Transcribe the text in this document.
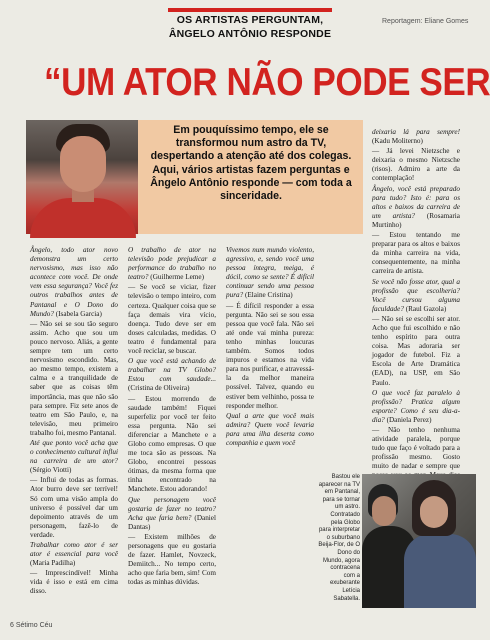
OS ARTISTAS PERGUNTAM,
ÂNGELO ANTÔNIO RESPONDE
Reportagem: Eliane Gomes
“UM ATOR NÃO PODE SER
Em pouquíssimo tempo, ele se transformou num astro da TV, despertando a atenção até dos colegas. Aqui, vários artistas fazem perguntas e Ângelo Antônio responde — com toda a sinceridade.

Ângelo, todo ator novo demonstra um certo nervosismo, mas isso não acontece com você. De onde vem essa segurança? Você fez outros trabalhos antes de Pantanal e O Dono do Mundo? (Isabela Garcia)

— Não sei se sou tão seguro assim. Acho que sou um pouco nervoso. Aliás, a gente sempre tem um certo nervosismo escondido. Mas, ao mesmo tempo, existem a calma e a tranquilidade de saber que as coisas têm importância, mas que não são para sempre. Fiz sete anos de teatro em São Paulo, e, na televisão, meu primeiro trabalho foi, mesmo Pantanal.

Até que ponto você acha que o conhecimento cultural influi na carreira de um ator? (Sérgio Viotti)

— Influi de todas as formas. Ator burro deve ser terrível! Só com uma visão ampla do universo é possível dar um depoimento através de um personagem, fazê-lo de verdade.

Trabalhar como ator é ser ator é essencial para você (Maria Padilha)

— Imprescindível! Minha vida é isso e está em cima disso.

O trabalho de ator na televisão pode prejudicar a performance do trabalho no teatro? (Guilherme Leme)

— Se você se viciar, fizer televisão o tempo inteiro, com certeza. Qualquer coisa que se faça demais vira vício, doença. Tudo deve ser em doses calculadas, medidas. O teatro é fundamental para você reciclar, se buscar.

O que você está achando de trabalhar na TV Globo? Estou com saudade... (Cristina de Oliveira)

— Estou morrendo de saudade também! Fiquei superfeliz por você ter feito essa pergunta. Não sei diferenciar a Manchete e a Globo como empresas. O que me toca são as pessoas. Na Globo, encontrei pessoas ótimas, da mesma forma que tinha encontrado na Manchete. Estou adorando!

Que personagem você gostaria de fazer no teatro? Acha que faria bem? (Daniel Dantas)

— Existem milhões de personagens que eu gostaria de fazer. Hamlet, Novzeck, Demiitch... No tempo certo, acho que faria bem, sim! Com todas as minhas dúvidas.

Vivemos num mundo violento, agressivo, e, sendo você uma pessoa íntegra, meiga, é dócil, como se sente? É difícil continuar sendo uma pessoa pura? (Elaine Cristina)

— É difícil responder a essa pergunta. Não sei se sou essa pessoa que você fala. Não sei até onde vai minha pureza: tenho minhas loucuras também. Somos todos impuros e estamos na vida para nos purificar, e atravessá-la da melhor maneira possível. Talvez, quando eu estiver bem velhinho, possa te responder melhor.

Qual a arte que você mais admira? Quem você levaria para uma ilha deserta como companhia e quem você

deixaria lá para sempre! (Kadu Moliterno)

— Já levei Nietzsche e deixaria o mesmo Nietzsche (risos). Admiro a arte da contemplação!

Ângelo, você está preparado para tudo? Isto é: para os altos e baixos da carreira de um artista? (Rosamaria Murtinho)

— Estou tentando me preparar para os altos e baixos da minha carreira na vida, consequentemente, na minha carreira de artista.

Se você não fosse ator, qual a profissão que escolheria? Você cursou alguma faculdade? (Raul Gazola)

— Não sei se escolhi ser ator. Acho que fui escolhido e não tenho espírito para outra coisa. Mas adoraria ser jogador de futebol. Fiz a Escola de Arte Dramática (EAD), na USP, em São Paulo.

O que você faz paralelo à profissão? Pratica algum esporte? Como é seu dia-a-dia? (Daniela Perez)

— Não tenho nenhuma atividade paralela, porque tudo que faço é voltado para a profissão mesmo. Gosto muito de nadar e sempre que

Bastou ele aparecer na TV em Pantanal, para se tornar um astro. Contratado pela Globo para interpretar o suburbano Beija-Flor, de O Dono do Mundo, agora contracena com a exuberante Letícia Sabatella.
6 Sétimo Céu
